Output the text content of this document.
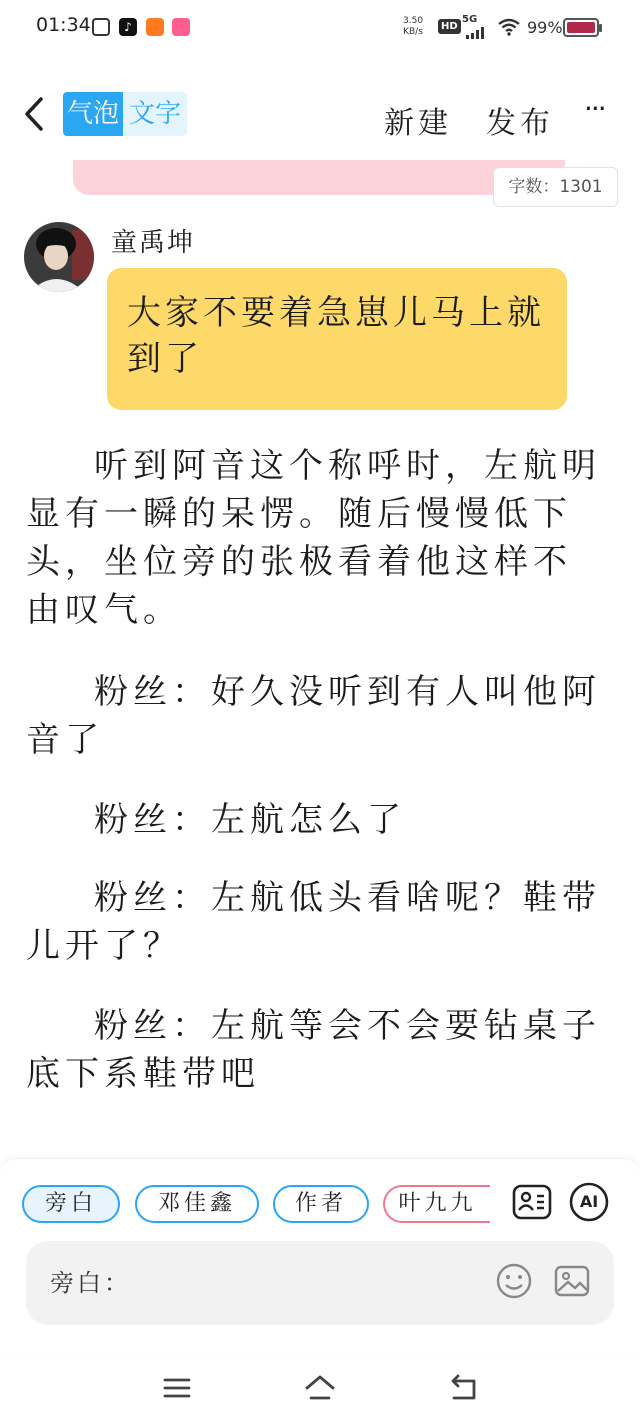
01:34	♪	3.50
KB/s	HD
5G	99%
气泡 文字	新建 发布 ···
字数：1301
童禹坤
大家不要着急崽儿马上就到了

听到阿音这个称呼时，左航明显有一瞬的呆愣。随后慢慢低下头，坐位旁的张极看着他这样不由叹气。

粉丝：好久没听到有人叫他阿音了

粉丝：左航怎么了

粉丝：左航低头看啥呢？鞋带儿开了？

粉丝：左航等会不会要钻桌子底下系鞋带吧

旁白	邓佳鑫	作者	叶九九	AI
旁白：
